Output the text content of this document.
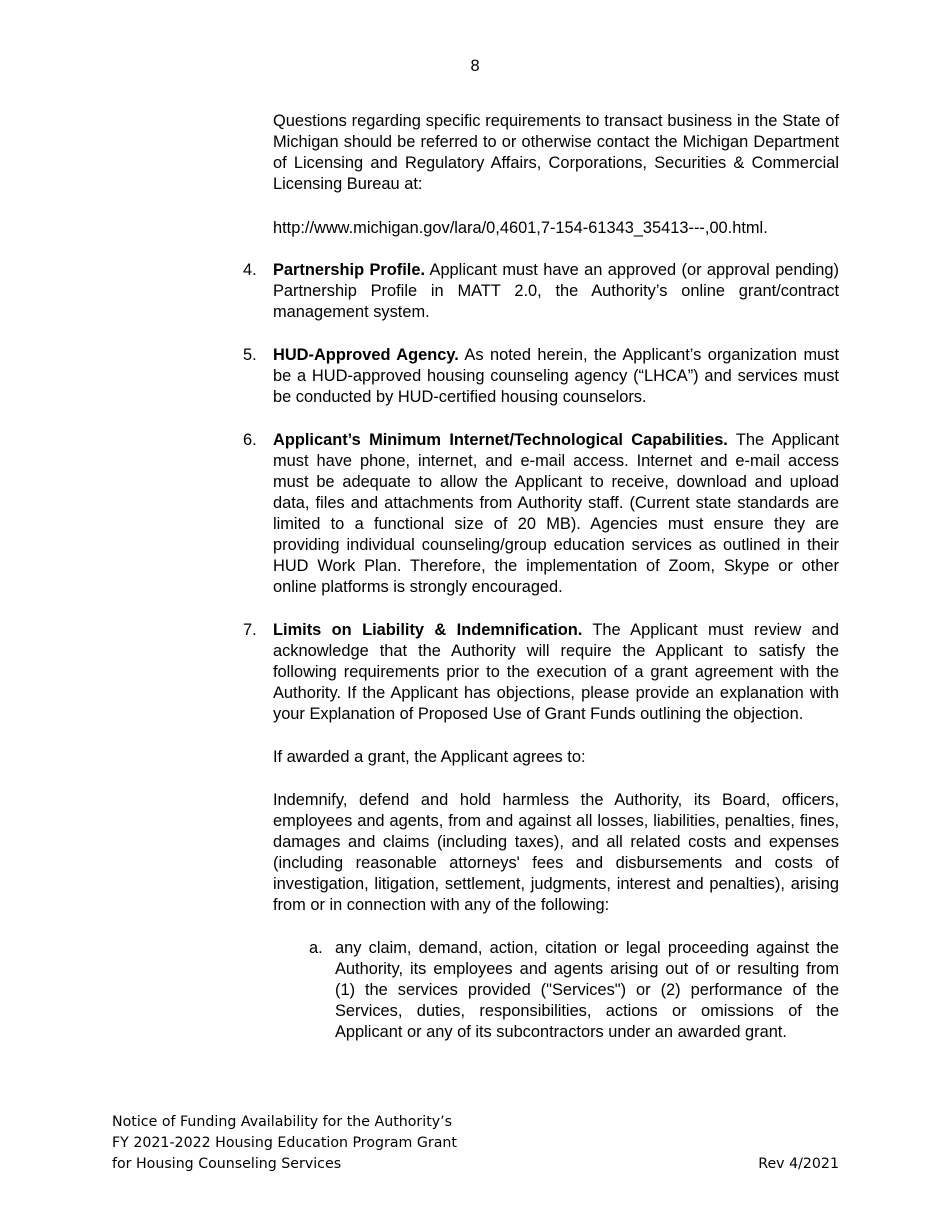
8

Questions regarding specific requirements to transact business in the State of Michigan should be referred to or otherwise contact the Michigan Department of Licensing and Regulatory Affairs, Corporations, Securities & Commercial Licensing Bureau at:

http://www.michigan.gov/lara/0,4601,7-154-61343_35413---,00.html.

4. Partnership Profile. Applicant must have an approved (or approval pending) Partnership Profile in MATT 2.0, the Authority’s online grant/contract management system.
5. HUD-Approved Agency. As noted herein, the Applicant’s organization must be a HUD-approved housing counseling agency (“LHCA”) and services must be conducted by HUD-certified housing counselors.
6. Applicant’s Minimum Internet/Technological Capabilities. The Applicant must have phone, internet, and e-mail access. Internet and e-mail access must be adequate to allow the Applicant to receive, download and upload data, files and attachments from Authority staff. (Current state standards are limited to a functional size of 20 MB). Agencies must ensure they are providing individual counseling/group education services as outlined in their HUD Work Plan. Therefore, the implementation of Zoom, Skype or other online platforms is strongly encouraged.
7. Limits on Liability & Indemnification. The Applicant must review and acknowledge that the Authority will require the Applicant to satisfy the following requirements prior to the execution of a grant agreement with the Authority. If the Applicant has objections, please provide an explanation with your Explanation of Proposed Use of Grant Funds outlining the objection.

If awarded a grant, the Applicant agrees to:

Indemnify, defend and hold harmless the Authority, its Board, officers, employees and agents, from and against all losses, liabilities, penalties, fines, damages and claims (including taxes), and all related costs and expenses (including reasonable attorneys' fees and disbursements and costs of investigation, litigation, settlement, judgments, interest and penalties), arising from or in connection with any of the following:

a. any claim, demand, action, citation or legal proceeding against the Authority, its employees and agents arising out of or resulting from (1) the services provided ("Services") or (2) performance of the Services, duties, responsibilities, actions or omissions of the Applicant or any of its subcontractors under an awarded grant.
Notice of Funding Availability for the Authority’s
FY 2021-2022 Housing Education Program Grant
for Housing Counseling Services	Rev 4/2021
